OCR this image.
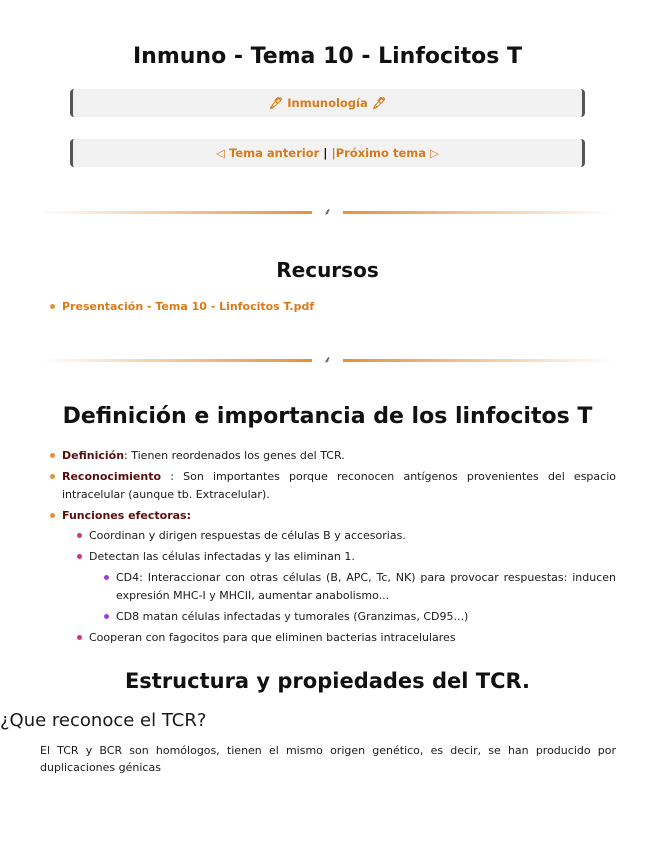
Inmuno - Tema 10 - Linfocitos T
🖋 Inmunología 🖋
◁ Tema anterior | |Próximo tema ▷
⸙
Recursos
Presentación - Tema 10 - Linfocitos T.pdf
⸙
Definición e importancia de los linfocitos T
Definición: Tienen reordenados los genes del TCR.
Reconocimiento : Son importantes porque reconocen antígenos provenientes del espacio intracelular (aunque tb. Extracelular).
Funciones efectoras:
Coordinan y dirigen respuestas de células B y accesorias.
Detectan las células infectadas y las eliminan 1.
CD4: Interaccionar con otras células (B, APC, Tc, NK) para provocar respuestas: inducen expresión MHC-I y MHCII, aumentar anabolismo...
CD8 matan células infectadas y tumorales (Granzimas, CD95...)
Cooperan con fagocitos para que eliminen bacterias intracelulares
Estructura y propiedades del TCR.
¿Que reconoce el TCR?

El TCR y BCR son homólogos, tienen el mismo origen genético, es decir, se han producido por duplicaciones génicas
